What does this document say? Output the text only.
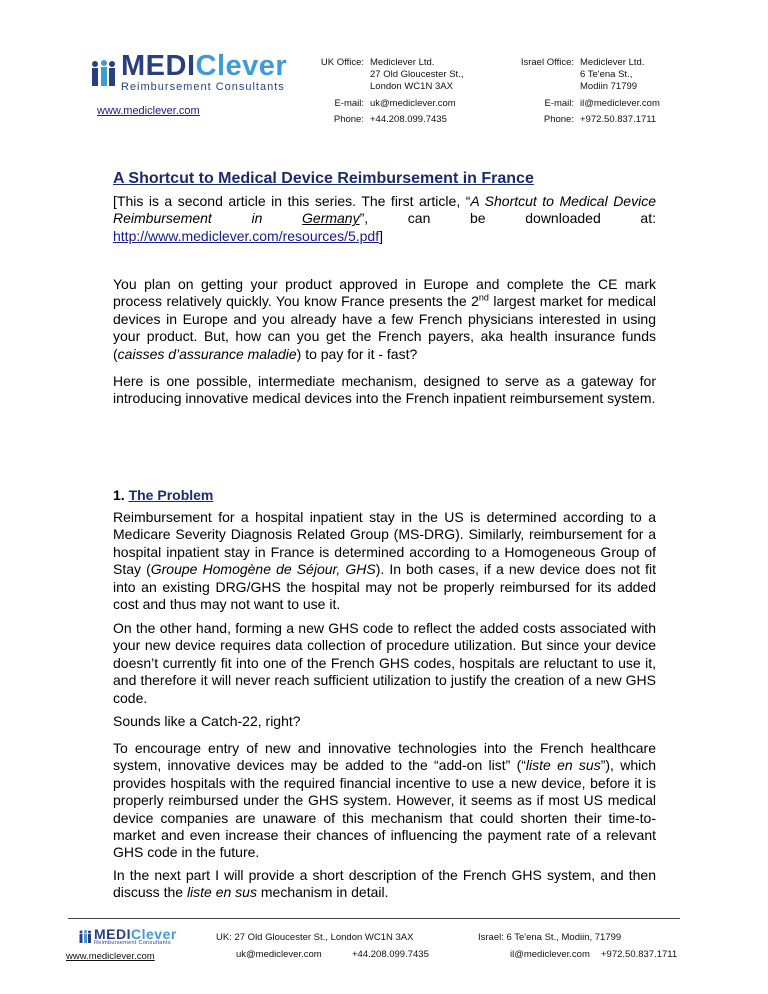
MEDIClever
Reimbursement Consultants
www.mediclever.com
UK Office: Mediclever Ltd.
27 Old Gloucester St.,
London WC1N 3AX
E-mail: uk@mediclever.com
Phone: +44.208.099.7435
Israel Office: Mediclever Ltd.
6 Te'ena St.,
Modiin 71799
E-mail: il@mediclever.com
Phone: +972.50.837.1711
A Shortcut to Medical Device Reimbursement in France
[This is a second article in this series. The first article, “A Shortcut to Medical Device Reimbursement in Germany”, can be downloaded at: http://www.mediclever.com/resources/5.pdf]
You plan on getting your product approved in Europe and complete the CE mark process relatively quickly. You know France presents the 2nd largest market for medical devices in Europe and you already have a few French physicians interested in using your product. But, how can you get the French payers, aka health insurance funds (caisses d’assurance maladie) to pay for it - fast?
Here is one possible, intermediate mechanism, designed to serve as a gateway for introducing innovative medical devices into the French inpatient reimbursement system.
1. The Problem
Reimbursement for a hospital inpatient stay in the US is determined according to a Medicare Severity Diagnosis Related Group (MS-DRG). Similarly, reimbursement for a hospital inpatient stay in France is determined according to a Homogeneous Group of Stay (Groupe Homogène de Séjour, GHS). In both cases, if a new device does not fit into an existing DRG/GHS the hospital may not be properly reimbursed for its added cost and thus may not want to use it.
On the other hand, forming a new GHS code to reflect the added costs associated with your new device requires data collection of procedure utilization. But since your device doesn’t currently fit into one of the French GHS codes, hospitals are reluctant to use it, and therefore it will never reach sufficient utilization to justify the creation of a new GHS code.
Sounds like a Catch-22, right?
To encourage entry of new and innovative technologies into the French healthcare system, innovative devices may be added to the “add-on list” (“liste en sus”), which provides hospitals with the required financial incentive to use a new device, before it is properly reimbursed under the GHS system. However, it seems as if most US medical device companies are unaware of this mechanism that could shorten their time-to-market and even increase their chances of influencing the payment rate of a relevant GHS code in the future.
In the next part I will provide a short description of the French GHS system, and then discuss the liste en sus mechanism in detail.
MEDIClever
Reimbursement Consultants
www.mediclever.com
UK: 27 Old Gloucester St., London WC1N 3AX
uk@mediclever.com	+44.208.099.7435
Israel: 6 Te'ena St., Modiin, 71799
il@mediclever.com +972.50.837.1711
